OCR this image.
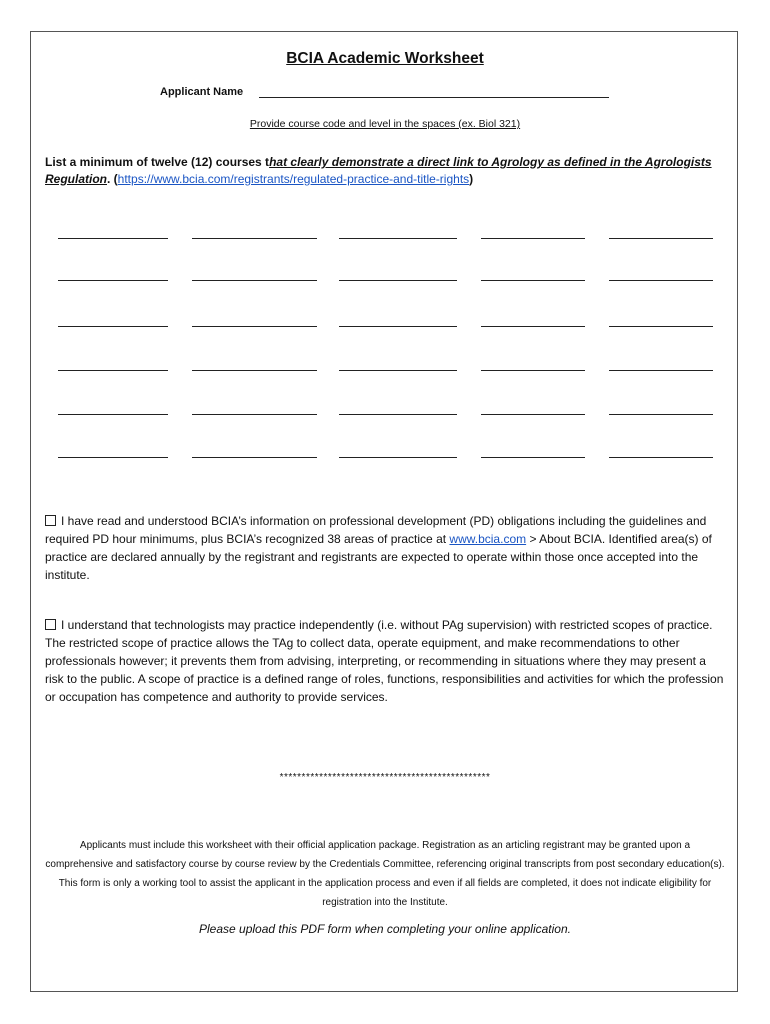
BCIA Academic Worksheet
Applicant Name
Provide course code and level in the spaces (ex. Biol 321)
List a minimum of twelve (12) courses that clearly demonstrate a direct link to Agrology as defined in the Agrologists Regulation. (https://www.bcia.com/registrants/regulated-practice-and-title-rights)
I have read and understood BCIA’s information on professional development (PD) obligations including the guidelines and required PD hour minimums, plus BCIA’s recognized 38 areas of practice at www.bcia.com > About BCIA. Identified area(s) of practice are declared annually by the registrant and registrants are expected to operate within those once accepted into the institute.
I understand that technologists may practice independently (i.e. without PAg supervision) with restricted scopes of practice. The restricted scope of practice allows the TAg to collect data, operate equipment, and make recommendations to other professionals however; it prevents them from advising, interpreting, or recommending in situations where they may present a risk to the public. A scope of practice is a defined range of roles, functions, responsibilities and activities for which the profession or occupation has competence and authority to provide services.
************************************************
Applicants must include this worksheet with their official application package. Registration as an articling registrant may be granted upon a comprehensive and satisfactory course by course review by the Credentials Committee, referencing original transcripts from post secondary education(s). This form is only a working tool to assist the applicant in the application process and even if all fields are completed, it does not indicate eligibility for registration into the Institute.
Please upload this PDF form when completing your online application.
